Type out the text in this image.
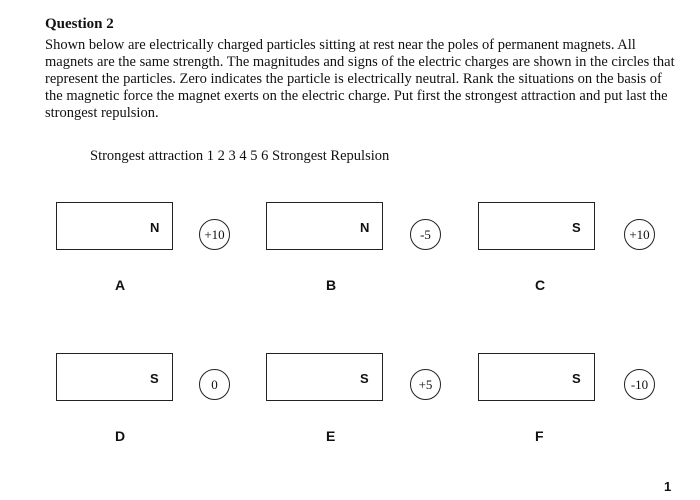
Question 2
Shown below are electrically charged particles sitting at rest near the poles of permanent magnets. All magnets are the same strength. The magnitudes and signs of the electric charges are shown in the circles that represent the particles. Zero indicates the particle is electrically neutral. Rank the situations on the basis of the magnetic force the magnet exerts on the electric charge. Put first the strongest attraction and put last the strongest repulsion.
Strongest attraction 1 2 3 4 5 6 Strongest Repulsion
N	+10
A
N	-5
B
S	+10
C
S	0
D
S	+5
E
S	-10
F
1
